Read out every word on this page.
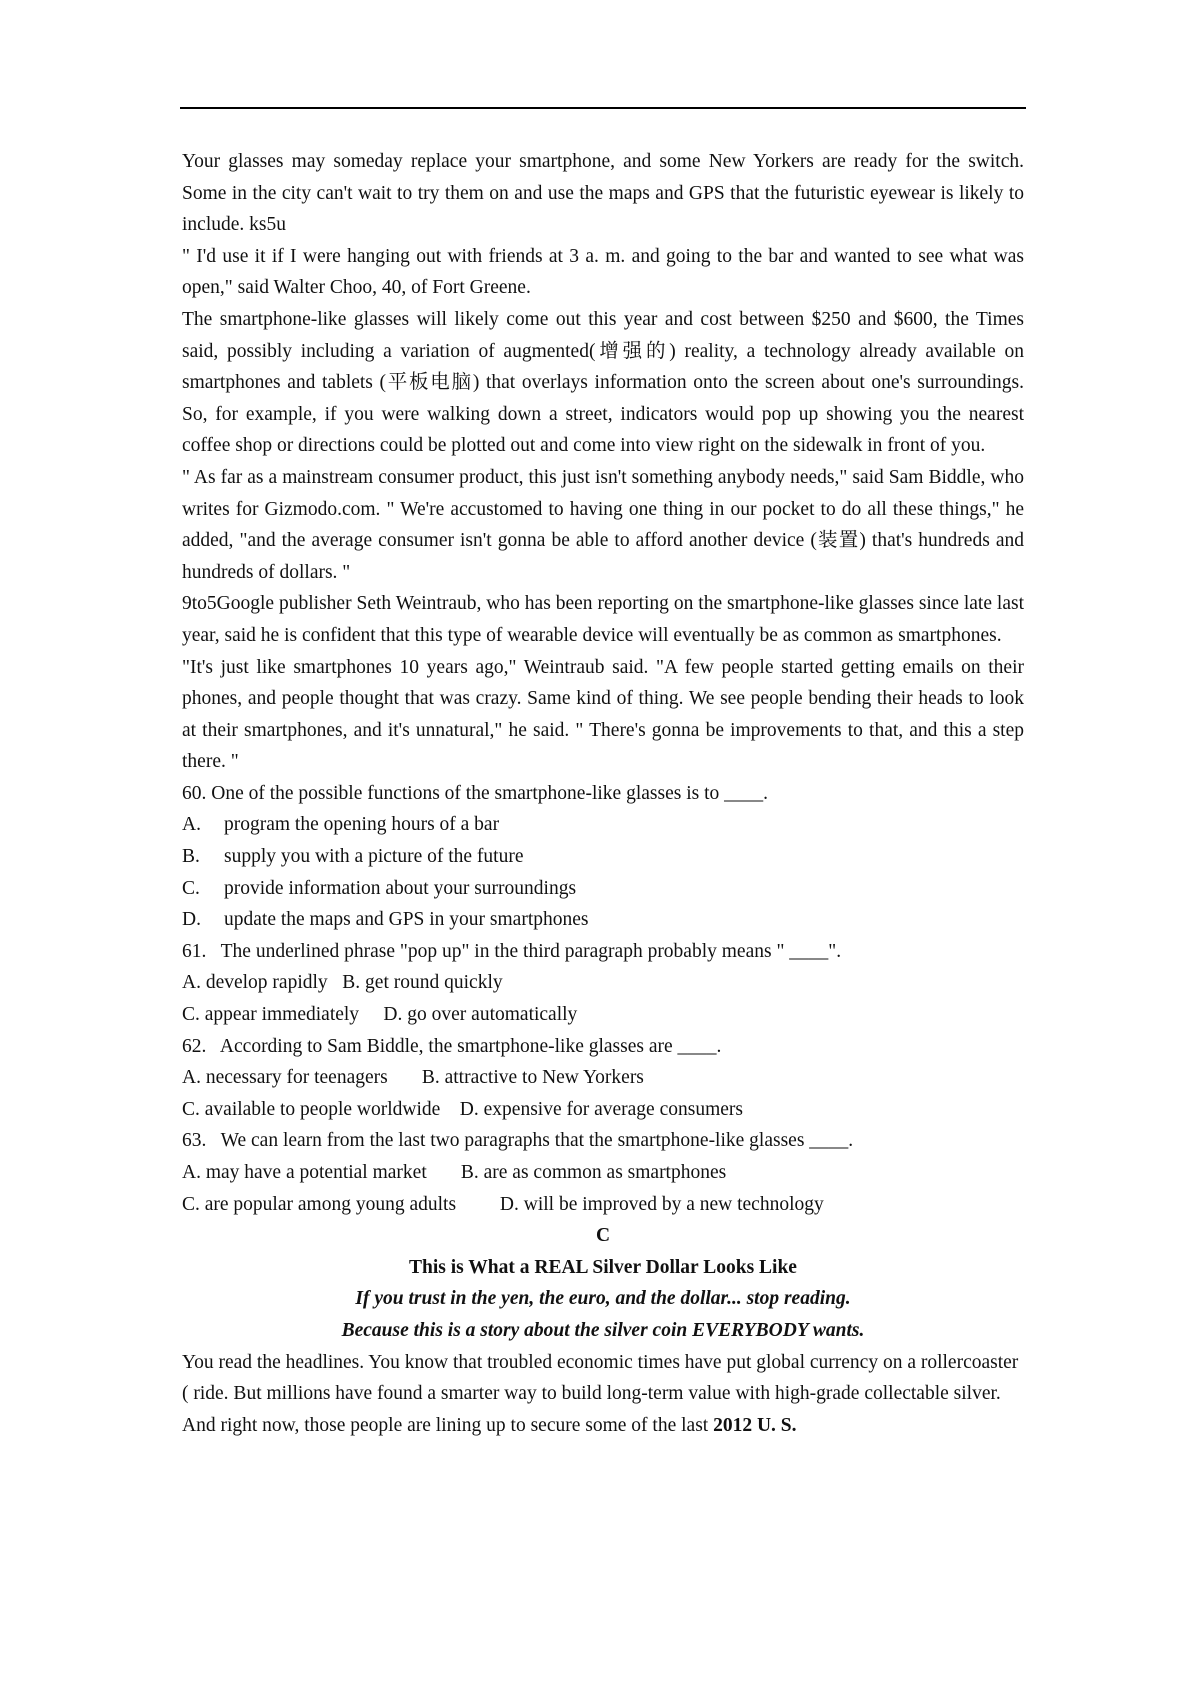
Your glasses may someday replace your smartphone, and some New Yorkers are ready for the switch. Some in the city can't wait to try them on and use the maps and GPS that the futuristic eyewear is likely to include. ks5u

" I'd use it if I were hanging out with friends at 3 a. m. and going to the bar and wanted to see what was open," said Walter Choo, 40, of Fort Greene.

The smartphone-like glasses will likely come out this year and cost between $250 and $600, the Times said, possibly including a variation of augmented(增强的) reality, a technology already available on smartphones and tablets (平板电脑) that overlays information onto the screen about one's surroundings. So, for example, if you were walking down a street, indicators would pop up showing you the nearest coffee shop or directions could be plotted out and come into view right on the sidewalk in front of you.

" As far as a mainstream consumer product, this just isn't something anybody needs," said Sam Biddle, who writes for Gizmodo.com. " We're accustomed to having one thing in our pocket to do all these things," he added, "and the average consumer isn't gonna be able to afford another device (装置) that's hundreds and hundreds of dollars. "

9to5Google publisher Seth Weintraub, who has been reporting on the smartphone-like glasses since late last year, said he is confident that this type of wearable device will eventually be as common as smartphones.

"It's just like smartphones 10 years ago," Weintraub said. "A few people started getting emails on their phones, and people thought that was crazy. Same kind of thing. We see people bending their heads to look at their smartphones, and it's unnatural," he said. " There's gonna be improvements to that, and this a step there. "

60. One of the possible functions of the smartphone-like glasses is to ____.

A.	program the opening hours of a bar
B.	supply you with a picture of the future
C.	provide information about your surroundings
D.	update the maps and GPS in your smartphones

61.   The underlined phrase "pop up" in the third paragraph probably means " ____".

A. develop rapidly   B. get round quickly

C. appear immediately     D. go over automatically

62.   According to Sam Biddle, the smartphone-like glasses are ____.

A. necessary for teenagers       B. attractive to New Yorkers

C. available to people worldwide    D. expensive for average consumers

63.   We can learn from the last two paragraphs that the smartphone-like glasses ____.

A. may have a potential market       B. are as common as smartphones

C. are popular among young adults         D. will be improved by a new technology

C

This is What a REAL Silver Dollar Looks Like

If you trust in the yen, the euro, and the dollar... stop reading.

Because this is a story about the silver coin EVERYBODY wants.

You read the headlines. You know that troubled economic times have put global currency on a rollercoaster ( ride. But millions have found a smarter way to build long-term value with high-grade collectable silver. And right now, those people are lining up to secure some of the last 2012 U. S.
